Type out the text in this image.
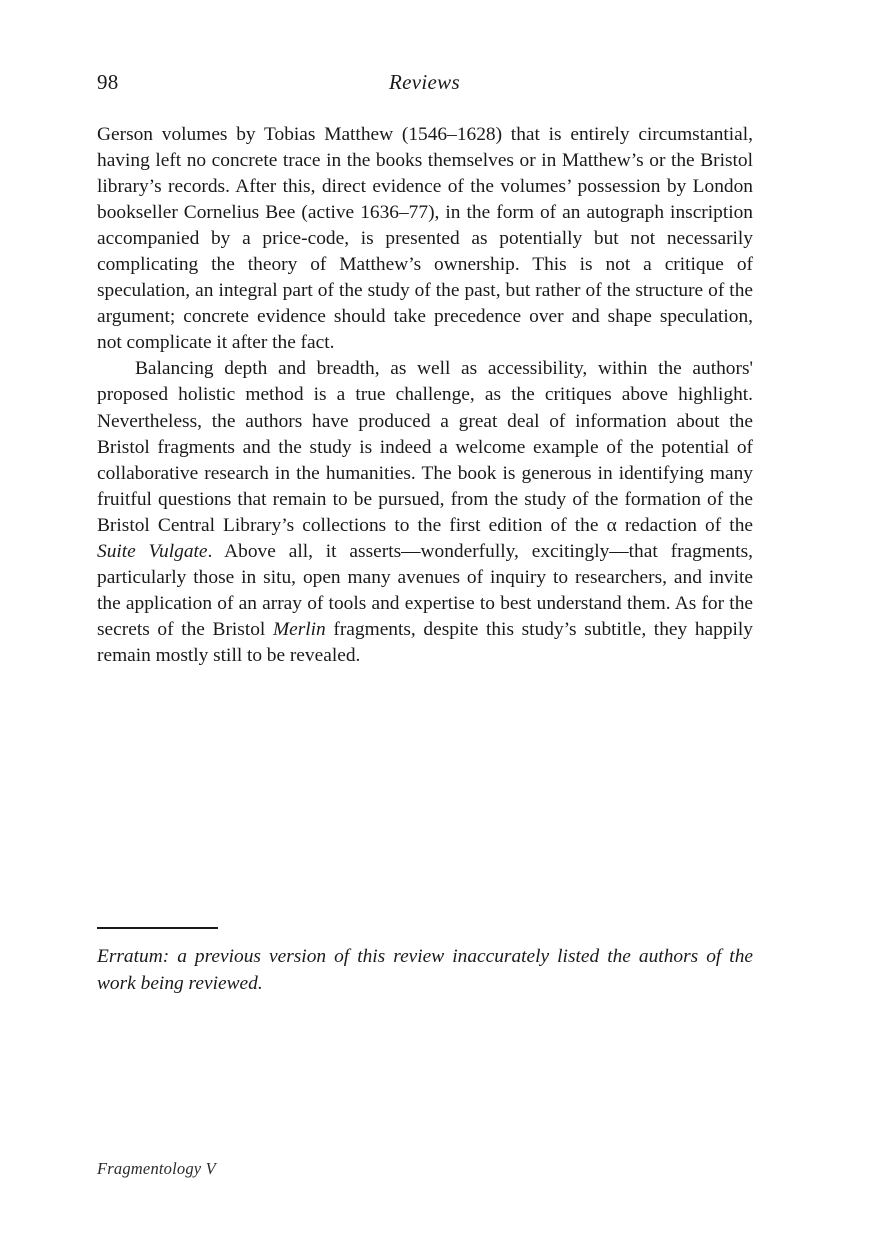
98	Reviews

Gerson volumes by Tobias Matthew (1546–1628) that is entirely circumstantial, having left no concrete trace in the books themselves or in Matthew’s or the Bristol library’s records. After this, direct evidence of the volumes’ possession by London bookseller Cornelius Bee (active 1636–77), in the form of an autograph inscription accompanied by a price-code, is presented as potentially but not necessarily complicating the theory of Matthew’s ownership. This is not a critique of speculation, an integral part of the study of the past, but rather of the structure of the argument; concrete evidence should take precedence over and shape speculation, not complicate it after the fact.

Balancing depth and breadth, as well as accessibility, within the authors' proposed holistic method is a true challenge, as the critiques above highlight. Nevertheless, the authors have produced a great deal of information about the Bristol fragments and the study is indeed a welcome example of the potential of collaborative research in the humanities. The book is generous in identifying many fruitful questions that remain to be pursued, from the study of the formation of the Bristol Central Library’s collections to the first edition of the α redaction of the Suite Vulgate. Above all, it asserts—wonderfully, excitingly—that fragments, particularly those in situ, open many avenues of inquiry to researchers, and invite the application of an array of tools and expertise to best understand them. As for the secrets of the Bristol Merlin fragments, despite this study’s subtitle, they happily remain mostly still to be revealed.

Erratum: a previous version of this review inaccurately listed the authors of the work being reviewed.

Fragmentology V
